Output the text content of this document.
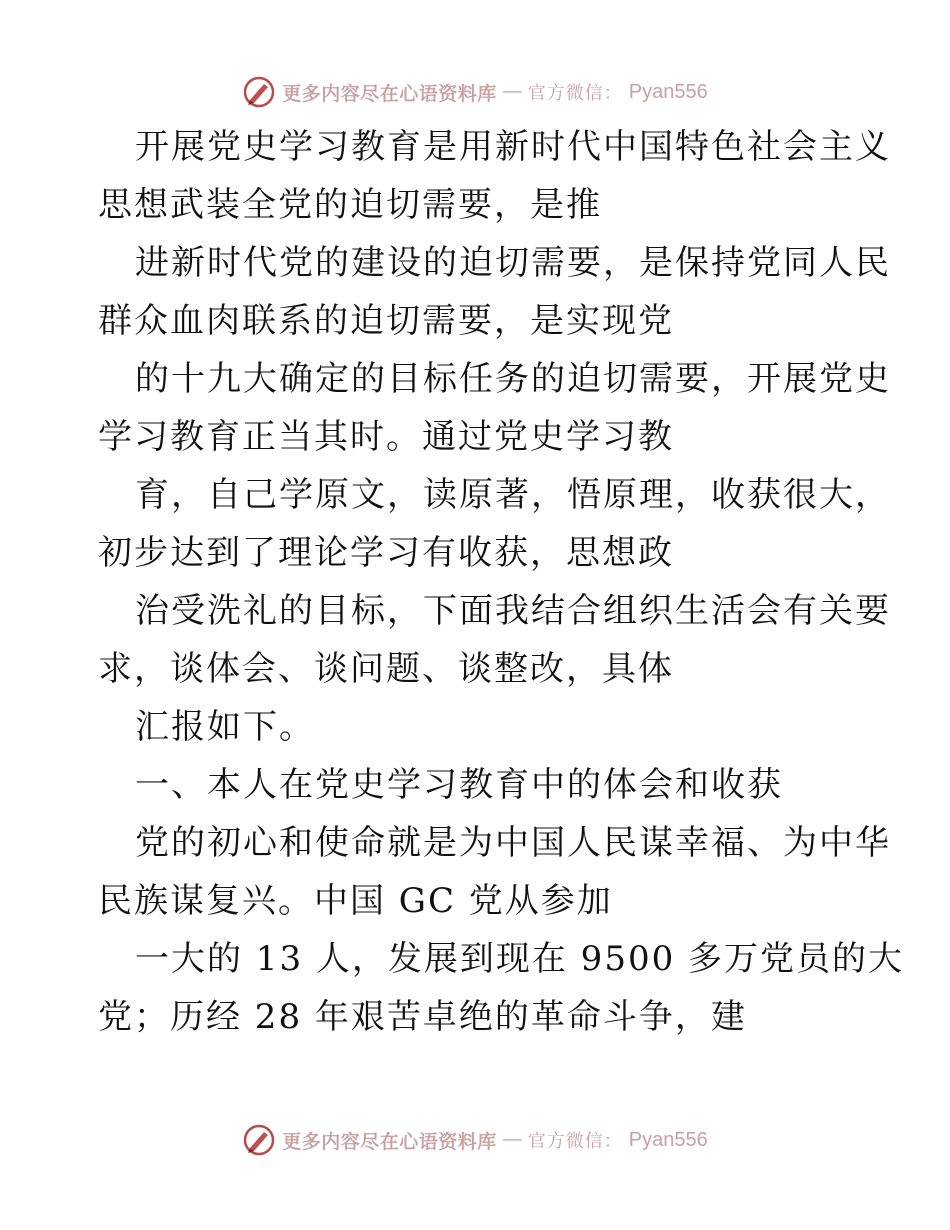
更多内容尽在心语资料库 — 官方微信： Pyan556
开展党史学习教育是用新时代中国特色社会主义
思想武装全党的迫切需要，是推
进新时代党的建设的迫切需要，是保持党同人民
群众血肉联系的迫切需要，是实现党
的十九大确定的目标任务的迫切需要，开展党史
学习教育正当其时。通过党史学习教
育，自己学原文，读原著，悟原理，收获很大，
初步达到了理论学习有收获，思想政
治受洗礼的目标，下面我结合组织生活会有关要
求，谈体会、谈问题、谈整改，具体
汇报如下。
一、本人在党史学习教育中的体会和收获
党的初心和使命就是为中国人民谋幸福、为中华
民族谋复兴。中国 GC 党从参加
一大的 13 人，发展到现在 9500 多万党员的大
党；历经 28 年艰苦卓绝的革命斗争，建
更多内容尽在心语资料库 — 官方微信： Pyan556
